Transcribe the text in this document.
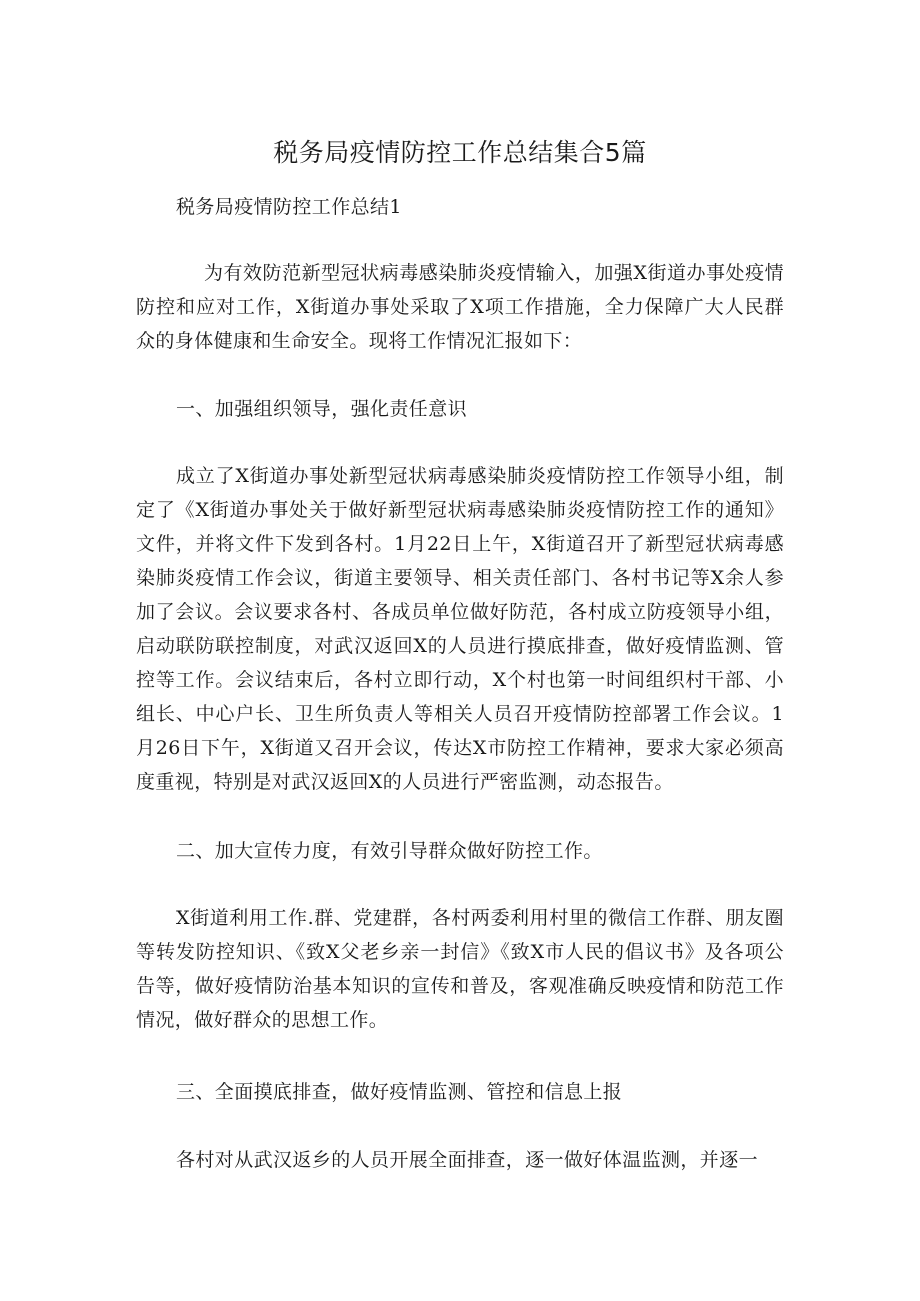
税务局疫情防控工作总结集合5篇

税务局疫情防控工作总结1

为有效防范新型冠状病毒感染肺炎疫情输入，加强X街道办事处疫情防控和应对工作，X街道办事处采取了X项工作措施，全力保障广大人民群众的身体健康和生命安全。现将工作情况汇报如下：

一、加强组织领导，强化责任意识

成立了X街道办事处新型冠状病毒感染肺炎疫情防控工作领导小组，制定了《X街道办事处关于做好新型冠状病毒感染肺炎疫情防控工作的通知》文件，并将文件下发到各村。1月22日上午，X街道召开了新型冠状病毒感染肺炎疫情工作会议，街道主要领导、相关责任部门、各村书记等X余人参加了会议。会议要求各村、各成员单位做好防范，各村成立防疫领导小组，启动联防联控制度，对武汉返回X的人员进行摸底排查，做好疫情监测、管控等工作。会议结束后，各村立即行动，X个村也第一时间组织村干部、小组长、中心户长、卫生所负责人等相关人员召开疫情防控部署工作会议。1月26日下午，X街道又召开会议，传达X市防控工作精神，要求大家必须高度重视，特别是对武汉返回X的人员进行严密监测，动态报告。

二、加大宣传力度，有效引导群众做好防控工作。

X街道利用工作.群、党建群，各村两委利用村里的微信工作群、朋友圈等转发防控知识、《致X父老乡亲一封信》《致X市人民的倡议书》及各项公告等，做好疫情防治基本知识的宣传和普及，客观准确反映疫情和防范工作情况，做好群众的思想工作。

三、全面摸底排查，做好疫情监测、管控和信息上报

各村对从武汉返乡的人员开展全面排查，逐一做好体温监测，并逐一
